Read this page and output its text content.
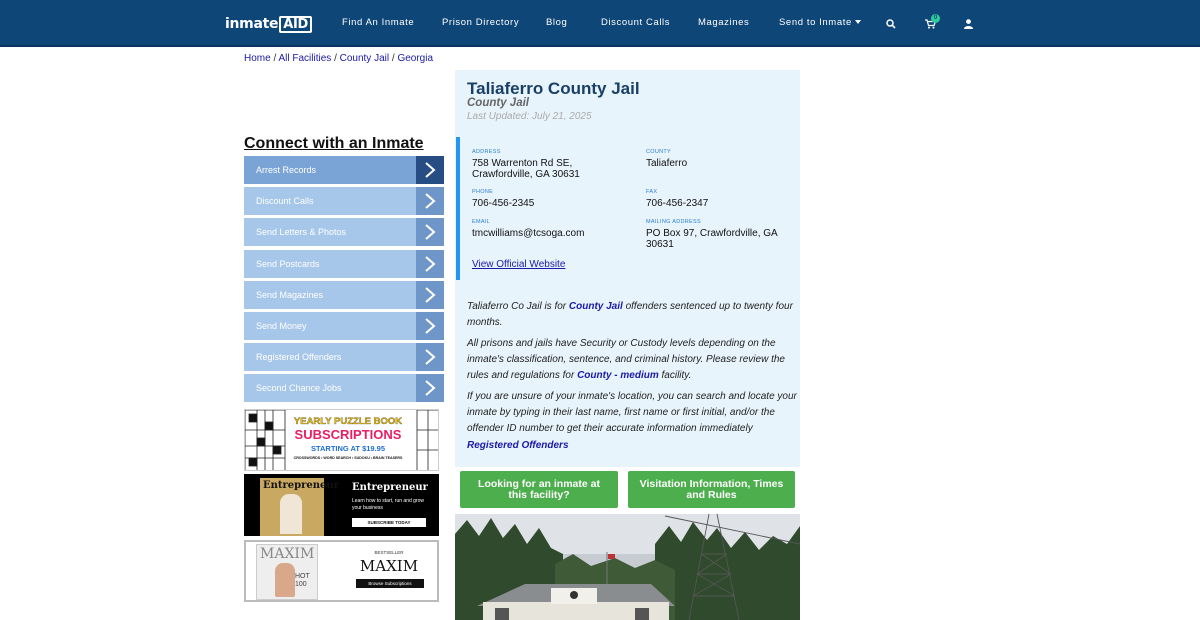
inmate AID	Find An Inmate	Prison Directory	Blog	Discount Calls	Magazines	Send to Inmate	0
Home / All Facilities / County Jail / Georgia
Connect with an Inmate
Arrest Records
Discount Calls
Send Letters & Photos
Send Postcards
Send Magazines
Send Money
Registered Offenders
Second Chance Jobs
YEARLY PUZZLE BOOK
SUBSCRIPTIONS
STARTING AT $19.95
CROSSWORDS • WORD SEARCH • SUDOKU • BRAIN TEASERS
Entrepreneur Entrepreneur
Learn how to start, run and grow your business
SUBSCRIBE TODAY
MAXIM
HOT 100
BESTSELLER
MAXIM
Browse Subscriptions
Taliaferro County Jail
County Jail
Last Updated: July 21, 2025
ADDRESS
758 Warrenton Rd SE, Crawfordville, GA 30631
COUNTY
Taliaferro
PHONE
706-456-2345
FAX
706-456-2347
EMAIL
tmcwilliams@tcsoga.com
MAILING ADDRESS
PO Box 97, Crawfordville, GA 30631
View Official Website
Taliaferro Co Jail is for County Jail offenders sentenced up to twenty four months.
All prisons and jails have Security or Custody levels depending on the inmate's classification, sentence, and criminal history. Please review the rules and regulations for County - medium facility.
If you are unsure of your inmate's location, you can search and locate your inmate by typing in their last name, first name or first initial, and/or the offender ID number to get their accurate information immediately Registered Offenders
Looking for an inmate at this facility?
Visitation Information, Times and Rules
